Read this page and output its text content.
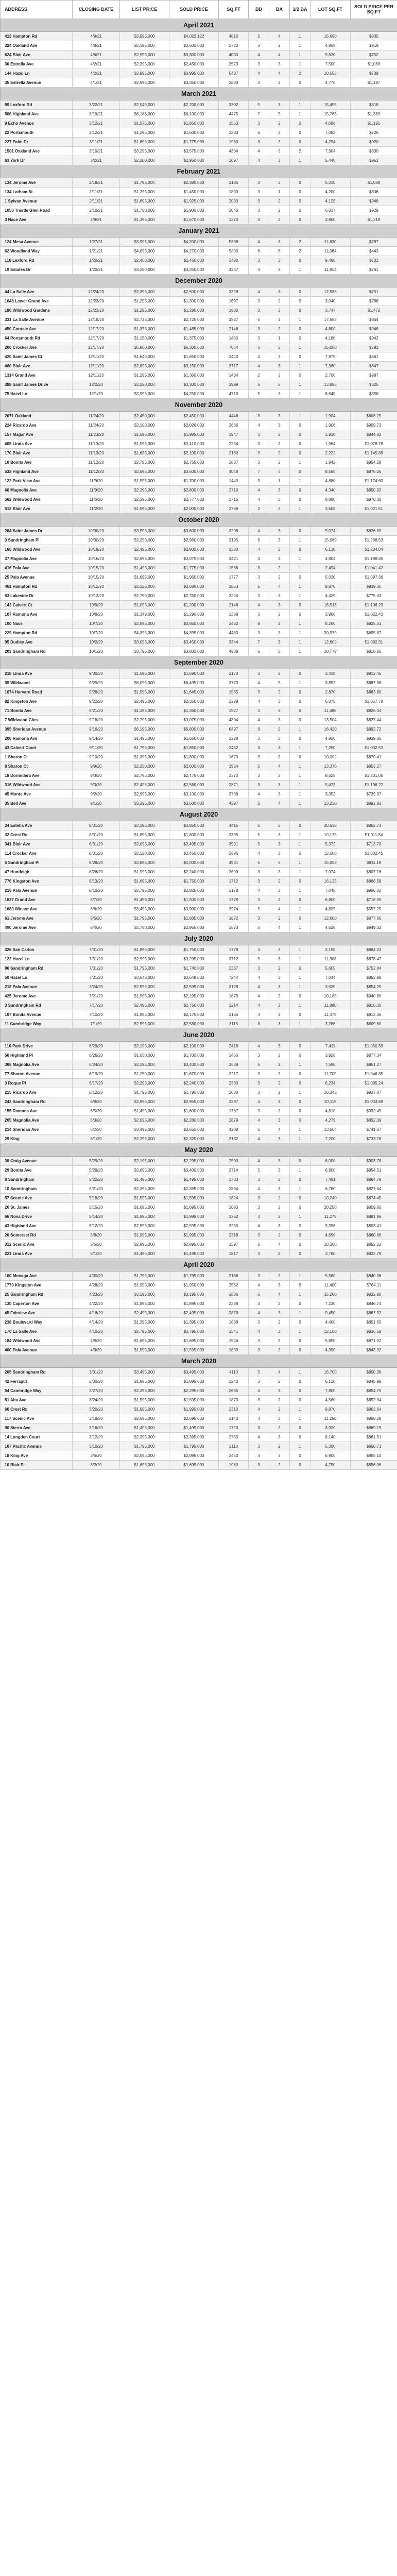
ADDRESS	CLOSING DATE	LIST PRICE	SOLD PRICE	SQ.FT	BD	BA	1/2 BA	LOT SQ.FT	SOLD PRICE PER SQ.FT
April 2021									
413 Hampton Rd	4/9/21	$3,995,000	$4,022,122	4816	5	4	1	15,690	$835
324 Oakland Ave	4/8/21	$2,195,000	$2,500,000	2720	3	2	1	4,958	$919
624 Blair Ave	4/6/21	$2,995,000	$3,300,000	4030	4	4	1	9,620	$752
30 Estrella Ave	4/2/21	$2,395,000	$2,450,000	2573	3	3	1	7,500	$1,063
144 Hazel Ln	4/2/21	$3,995,000	$3,995,000	5407	4	4	2	10,555	$739
35 Estrella Avenue	4/1/21	$2,995,000	$3,350,000	2800	3	2	0	4,770	$1,197
March 2021									
59 Lexford Rd	3/22/21	$2,049,000	$2,700,000	3302	5	3	1	15,495	$818
506 Highland Ave	3/19/21	$6,188,000	$6,100,000	4475	7	5	1	15,763	$1,363
9 Echo Avenue	3/12/21	$1,575,000	$1,850,000	1553	3	2	0	4,088	$1,191
22 Portsmouth	3/12/21	$1,295,000	$1,600,000	2203	6	3	0	7,082	$726
227 Palm Dr	3/11/21	$1,695,000	$1,775,000	1930	3	2	0	4,294	$920
1501 Oakland Ave	3/10/21	$3,295,000	$3,575,000	4304	4	2	2	7,904	$830
63 York Dr	3/2/21	$2,200,000	$2,950,000	3097	4	3	1	5,440	$952
February 2021									
134 Jerome Ave	2/19/21	$1,795,000	$2,380,000	2186	3	2	0	5,010	$1,088
134 Latham St	2/11/21	$1,295,000	$1,450,000	1800	3	1	0	4,200	$806
1 Sylvan Avenue	2/11/21	$1,695,000	$1,925,000	2030	3	2	0	4,125	$948
1050 Trestle Glen Road	2/10/21	$1,750,000	$1,900,000	2046	3	2	0	6,037	$929
3 Nace Ave	2/9/21	$1,395,000	$1,670,000	1370	3	2	0	3,800	$1,219
January 2021									
124 Mesa Avenue	1/27/21	$3,995,000	$4,200,000	5338	4	3	2	11,630	$787
62 Woodland Way	1/21/21	$4,095,000	$4,270,000	9800	6	6	2	11,064	$443
110 Lexford Rd	1/20/21	$2,450,000	$2,450,000	3490	3	3	0	9,496	$702
19 Estates Dr	1/20/21	$3,250,000	$3,250,000	4267	4	3	1	11,914	$761
December 2020									
44 La Salle Ave	12/24/20	$2,395,000	$2,500,000	3328	4	3	0	12,588	$751
1648 Lower Grand Ave	12/23/20	$1,295,000	$1,300,000	1697	3	2	0	3,040	$766
180 Wildwood Gardens	12/23/20	$1,295,000	$1,280,000	1800	3	2	0	3,747	$1,472
331 La Salle Avenue	12/18/20	$2,725,000	$2,725,000	3837	5	3	1	17,688	$864
450 Conrale Ave	12/17/20	$1,375,000	$1,485,000	2146	3	2	0	4,800	$948
64 Portsmouth Rd	12/17/20	$1,150,000	$1,375,000	1460	3	1	0	4,180	$942
200 Crocker Ave	12/17/20	$5,900,000	$6,300,000	7054	6	5	1	15,000	$793
420 Saint James Ct	12/11/20	$1,640,000	$1,650,000	2440	4	3	0	7,875	$661
460 Blair Ave	12/11/20	$2,895,000	$3,150,000	3717	4	3	1	7,360	$847
1314 Grand Ave	12/11/20	$1,295,000	$1,360,000	1434	2	2	0	2,700	$987
388 Saint James Drive	12/2/20	$3,250,000	$3,300,000	3999	5	5	1	13,886	$825
75 Hazel Ln	12/1/20	$3,995,000	$4,250,000	4713	5	3	1	8,640	$858
November 2020									
2071 Oakland	11/24/20	$2,450,000	$2,450,000	4446	3	3	1	1,904	$606.25
224 Ricardo Ave	11/24/20	$2,100,000	$2,026,000	2686	4	3	0	1,906	$909.73
157 Magar Ave	11/23/20	$1,595,000	$1,985,000	1947	3	2	0	1,910	$844.02
405 Linda Ave	11/13/20	$1,595,000	$2,410,000	2234	3	2	0	1,964	$1,078.78
170 Blair Ave	11/13/20	$1,635,000	$2,100,000	2160	3	2	0	2,222	$1,145.88
10 Bonita Ave	11/12/20	$2,795,000	$2,755,000	2887	3	2	1	1,942	$954.28
532 Highland Ave	11/12/20	$2,695,000	$3,600,000	4048	7	4	0	8,568	$876.26
122 Park View Ave	11/9/20	$1,595,000	$1,700,000	1449	3	1	1	4,680	$1,174.60
60 Magnolia Ave	11/9/20	$2,395,000	$2,800,000	2710	4	3	0	4,340	$850.92
562 Wildwood Ave	11/6/20	$2,395,000	$2,777,000	2715	4	3	0	8,880	$970.30
512 Blair Ave	11/2/20	$1,595,000	$2,000,000	2769	2	2	1	3,608	$1,021.51
October 2020									
264 Saint James Dr	10/30/20	$3,595,000	$3,600,000	3208	4	3	0	9,074	$826.89
3 Sandringham Pl	10/30/20	$2,250,000	$2,960,000	3195	6	3	1	15,069	$1,266.53
166 Wildwood Ave	10/19/20	$2,495,000	$2,900,000	2380	4	2	0	6,138	$1,234.04
37 Magnolia Ave	10/16/20	$2,695,000	$3,075,000	3421	4	3	1	4,804	$1,198.86
416 Pala Ave	10/15/20	$1,495,000	$1,775,000	1566	3	2	1	2,494	$1,041.42
25 Pala Avenue	10/15/20	$1,695,000	$1,960,000	1777	3	2	0	5,030	$1,097.36
461 Hampton Rd	10/12/20	$2,125,000	$2,680,000	2853	5	4	1	9,870	$939.36
53 Lakeside Dr	10/12/20	$2,750,000	$2,750,000	3224	3	3	1	4,425	$775.03
142 Calvert Ct	10/9/20	$1,095,000	$1,200,000	2146	4	3	0	16,513	$1,106.23
107 Ramona Ave	10/8/20	$1,349,000	$1,290,000	1388	3	2	0	3,960	$1,022.43
100 Nace	10/7/20	$2,895,000	$2,850,000	3482	8	3	1	8,260	$925.51
229 Hampton Rd	10/7/20	$4,395,000	$4,395,000	4480	3	3	1	20,979	$695.87
95 Dudley Ave	10/2/20	$3,095,000	$3,450,000	3344	7	3	1	12,609	$1,092.31
203 Sandringham Rd	10/1/20	$3,795,000	$3,800,000	4938	6	5	1	10,779	$818.86
September 2020									
218 Linda Ave	9/30/20	$1,595,000	$1,690,000	2170	3	2	0	3,410	$912.46
39 Wildwood	9/29/20	$6,095,000	$6,495,000	3770	4	5	1	3,852	$887.36
1074 Harvard Road	9/28/20	$1,595,000	$1,645,000	1585	3	2	0	2,870	$863.80
82 Kingston Ave	9/22/20	$2,495,000	$2,350,000	2229	4	3	0	6,075	$1,057.78
71 Bonita Ave	9/21/20	$1,395,000	$1,360,000	1527	3	3	0	11,688	$926.04
7 Wildwood Glns	9/18/20	$2,795,000	$3,075,000	4804	4	3	0	13,504	$827.44
395 Sheridan Avenue	9/16/20	$6,195,000	$6,800,000	6497	8	5	1	16,420	$892.72
206 Ramona Ave	9/14/20	$1,495,000	$1,650,000	2228	3	3	0	4,920	$939.85
43 Calvert Court	9/11/20	$1,795,000	$1,850,000	2452	3	3	1	7,250	$1,032.53
1 Sharon Ct	9/10/20	$1,395,000	$1,800,000	1670	3	2	0	10,092	$870.41
8 Sharon Ct	9/9/20	$2,250,000	$2,600,000	3954	5	4	1	13,370	$853.27
18 Dormidera Ave	9/3/20	$2,795,000	$2,475,000	2370	3	3	1	8,625	$1,201.05
316 Wildwood Ave	9/3/20	$2,495,000	$2,560,000	2871	3	3	1	5,473	$1,196.22
45 Monte Ave	9/2/20	$2,995,000	$3,100,000	3768	4	3	1	3,352	$739.97
35 Bell Ave	9/1/20	$3,295,000	$3,500,000	4397	5	4	1	13,230	$892.93
August 2020									
34 Estella Ave	8/31/20	$3,195,000	$3,850,000	4415	5	5	0	30,638	$862.73
32 Crest Rd	8/31/20	$1,695,000	$1,800,000	2395	5	3	1	10,175	$1,011.84
341 Blair Ave	8/31/20	$2,095,000	$2,495,000	3991	5	3	1	5,372	$713.70
114 Crocker Ave	8/31/20	$2,120,000	$2,450,000	2896	4	3	0	12,000	$1,002.45
5 Sandringham Pl	8/28/20	$3,895,000	$4,000,000	4931	5	5	1	15,003	$811.19
47 Huntleigh	8/26/20	$1,995,000	$2,240,000	2693	3	3	1	7,074	$807.16
776 Kingston Ave	8/13/20	$1,695,000	$1,750,000	1712	3	2	0	16,125	$866.58
216 Pala Avenue	8/10/20	$2,795,000	$2,925,000	3178	4	3	1	7,045	$950.02
1637 Grand Ave	8/7/20	$1,498,000	$1,500,000	1778	3	2	0	6,800	$718.05
1080 Winsor Ave	8/6/20	$3,495,000	$3,900,000	3974	5	4	1	4,825	$557.25
61 Jerome Ave	8/5/20	$1,795,000	$1,885,000	1872	3	2	0	12,600	$977.66
490 Jerome Ave	8/4/20	$2,750,000	$2,965,000	3573	5	4	1	4,620	$949.33
July 2020									
326 San Carlos	7/31/20	$1,895,000	$1,750,000	1778	3	2	1	3,198	$864.23
122 Hazel Ln	7/31/20	$2,995,000	$3,295,000	3712	5	3	1	11,308	$878.47
86 Sandringham Rd	7/31/20	$1,795,000	$1,740,000	2387	3	2	0	5,605	$752.84
59 Hazel Ln	7/31/20	$3,648,000	$3,648,000	7244	4	3	1	7,044	$852.98
218 Pala Avenue	7/24/20	$2,595,000	$2,595,000	3128	4	3	1	3,620	$854.25
425 Jerome Ave	7/21/20	$1,995,000	$2,195,000	1873	4	2	0	10,188	$940.80
3 Sandringham Rd	7/17/20	$2,495,000	$2,750,000	3214	4	3	1	11,880	$910.30
107 Bonita Avenue	7/10/20	$1,995,000	$2,175,000	2166	4	3	0	11,475	$912.36
11 Cambridge Way	7/1/20	$2,595,000	$2,580,000	3115	3	3	1	3,286	$809.60
June 2020									
110 Park Drive	6/29/20	$2,195,000	$2,100,000	2418	4	3	0	7,411	$1,050.39
50 Highland Pl	6/26/20	$1,650,000	$1,700,000	1460	3	2	0	3,920	$877.34
306 Magnolia Ave	6/24/20	$3,195,000	$3,400,000	3538	5	3	1	7,598	$951.27
77 Sharon Avenue	6/19/20	$1,250,000	$1,670,000	2217	3	2	0	11,709	$1,046.35
3 Roque Pl	6/17/20	$2,295,000	$2,240,000	2330	3	2	0	6,234	$1,095.24
215 Ricardo Ave	6/12/20	$1,795,000	$1,790,000	2000	3	2	1	16,343	$937.07
242 Sandringham Rd	6/8/20	$2,995,000	$2,955,000	3297	4	3	0	10,115	$1,033.89
155 Ramona Ave	6/5/20	$1,495,000	$1,600,000	1767	3	2	0	4,810	$932.45
205 Magnolia Ave	6/3/20	$2,095,000	$2,280,000	2879	4	3	0	4,275	$852.09
214 Sheridan Ave	6/2/20	$3,495,000	$3,560,000	4208	5	4	1	13,504	$741.67
29 King	6/1/20	$2,295,000	$2,325,000	3132	4	3	1	7,200	$733.78
May 2020									
39 Craig Avenue	5/29/20	$2,195,000	$2,295,000	2500	4	3	0	6,000	$903.78
29 Bonita Ave	5/29/20	$3,695,000	$3,400,000	3714	5	3	1	6,800	$854.51
8 Sandringham	5/22/20	$1,495,000	$1,495,000	1733	3	2	0	7,491	$864.79
10 Sandringham	5/21/20	$2,395,000	$2,395,000	2894	4	3	1	6,780	$827.64
57 Scenic Ave	5/18/20	$1,595,000	$1,595,000	1824	3	2	0	10,240	$874.45
26 St. James	5/15/20	$1,695,000	$1,695,000	2093	3	2	0	20,250	$809.85
66 Nova Drive	5/14/20	$1,995,000	$1,995,000	2262	3	2	1	11,275	$881.96
43 Highland Ave	5/12/20	$2,595,000	$2,595,000	3230	4	3	0	9,396	$803.41
20 Somerset Rd	5/8/20	$1,995,000	$1,995,000	2318	3	2	0	4,650	$860.66
312 Scenic Ave	5/5/20	$2,895,000	$2,895,000	3397	5	4	0	10,300	$852.22
221 Linda Ave	5/1/20	$1,495,000	$1,495,000	1817	3	2	0	3,780	$822.79
April 2020									
160 Monaga Ave	4/30/20	$1,795,000	$1,795,000	2136	3	2	1	5,560	$840.36
1770 Kingston Ave	4/28/20	$1,995,000	$1,950,000	2552	4	3	0	11,400	$764.11
25 Sandringham Rd	4/23/20	$3,195,000	$3,195,000	3836	5	4	1	15,200	$832.90
130 Caperton Ave	4/22/20	$1,895,000	$1,895,000	2238	3	2	0	7,230	$846.74
45 Fairview Ave	4/16/20	$2,495,000	$2,495,000	2876	4	3	1	9,450	$867.52
238 Boulevard Way	4/14/20	$1,395,000	$1,395,000	1638	3	2	0	4,400	$851.65
170 La Salle Ave	4/10/20	$2,795,000	$2,795,000	3341	4	3	1	12,100	$836.58
184 Wildwood Ave	4/8/20	$1,695,000	$1,695,000	1946	3	2	0	5,850	$871.02
400 Pala Avenue	4/3/20	$1,595,000	$1,595,000	1890	3	2	0	4,990	$843.92
March 2020									
205 Sandringham Rd	3/31/20	$3,495,000	$3,495,000	4110	5	4	1	16,700	$850.36
42 Ferragut	3/30/20	$1,895,000	$1,895,000	2240	3	2	0	6,120	$845.98
54 Cambridge Way	3/27/20	$2,295,000	$2,295,000	2685	4	3	0	7,800	$854.75
51 Alta Ave	3/24/20	$1,595,000	$1,595,000	1870	3	2	0	4,560	$852.94
66 Crest Rd	3/20/20	$1,995,000	$1,995,000	2310	4	2	1	9,870	$863.64
117 Scenic Ave	3/18/20	$2,695,000	$2,695,000	3140	4	3	1	11,250	$858.28
90 Sierra Ave	3/16/20	$1,495,000	$1,495,000	1720	3	2	0	3,920	$869.19
14 Longden Court	3/12/20	$2,395,000	$2,395,000	2780	4	3	0	8,140	$861.51
107 Pacific Avenue	3/10/20	$1,795,000	$1,795,000	2110	3	2	1	5,300	$850.71
18 King Ave	3/6/20	$2,095,000	$2,095,000	2450	4	3	0	6,900	$855.10
10 Blair Pl	3/2/20	$1,695,000	$1,695,000	1980	3	2	0	4,750	$856.06
